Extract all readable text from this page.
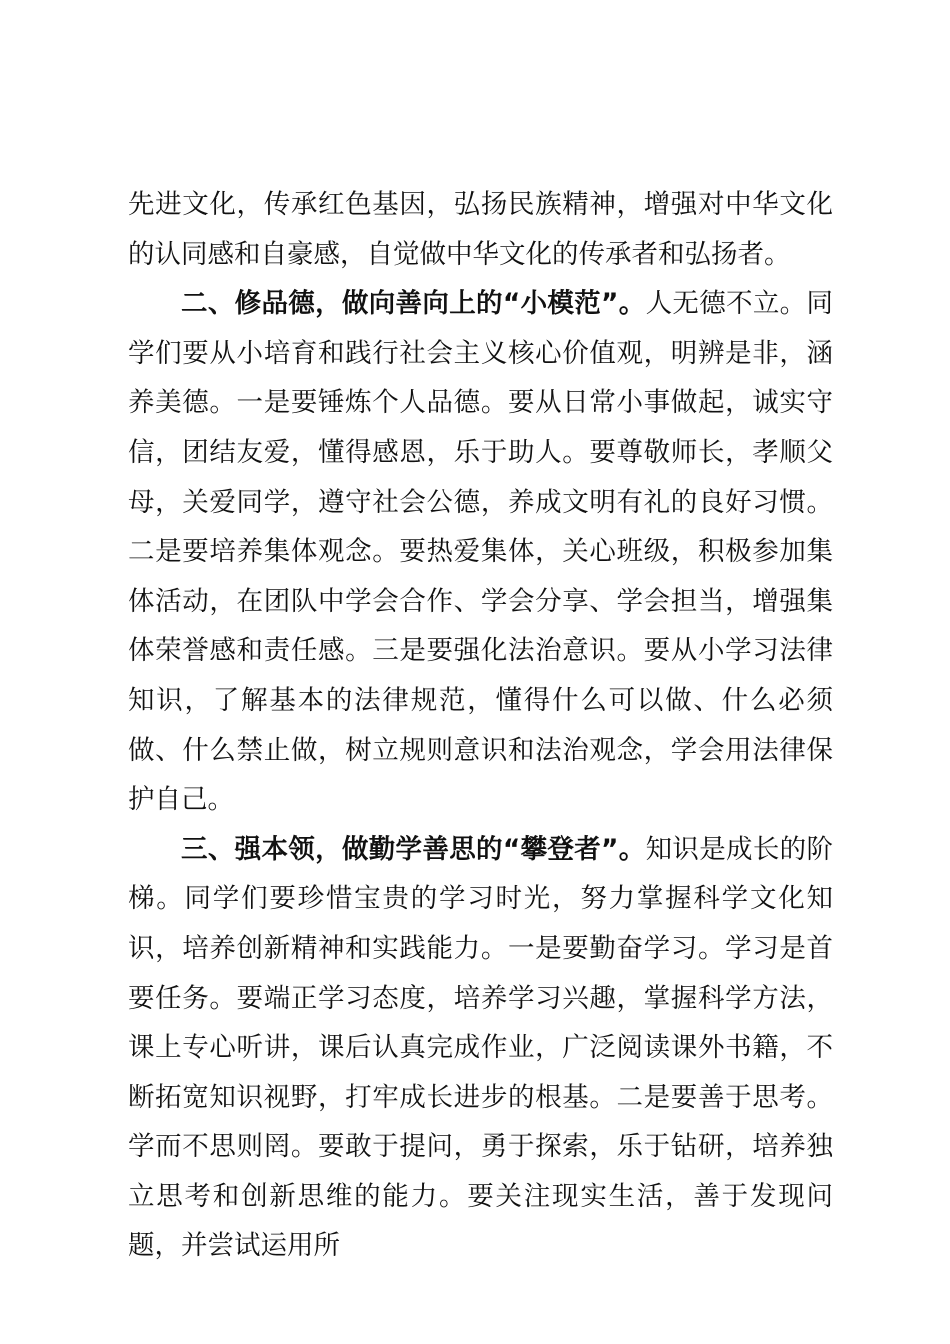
先进文化，传承红色基因，弘扬民族精神，增强对中华文化的认同感和自豪感，自觉做中华文化的传承者和弘扬者。

二、修品德，做向善向上的“小模范”。人无德不立。同学们要从小培育和践行社会主义核心价值观，明辨是非，涵养美德。一是要锤炼个人品德。要从日常小事做起，诚实守信，团结友爱，懂得感恩，乐于助人。要尊敬师长，孝顺父母，关爱同学，遵守社会公德，养成文明有礼的良好习惯。二是要培养集体观念。要热爱集体，关心班级，积极参加集体活动，在团队中学会合作、学会分享、学会担当，增强集体荣誉感和责任感。三是要强化法治意识。要从小学习法律知识，了解基本的法律规范，懂得什么可以做、什么必须做、什么禁止做，树立规则意识和法治观念，学会用法律保护自己。

三、强本领，做勤学善思的“攀登者”。知识是成长的阶梯。同学们要珍惜宝贵的学习时光，努力掌握科学文化知识，培养创新精神和实践能力。一是要勤奋学习。学习是首要任务。要端正学习态度，培养学习兴趣，掌握科学方法，课上专心听讲，课后认真完成作业，广泛阅读课外书籍，不断拓宽知识视野，打牢成长进步的根基。二是要善于思考。学而不思则罔。要敢于提问，勇于探索，乐于钻研，培养独立思考和创新思维的能力。要关注现实生活，善于发现问题，并尝试运用所
